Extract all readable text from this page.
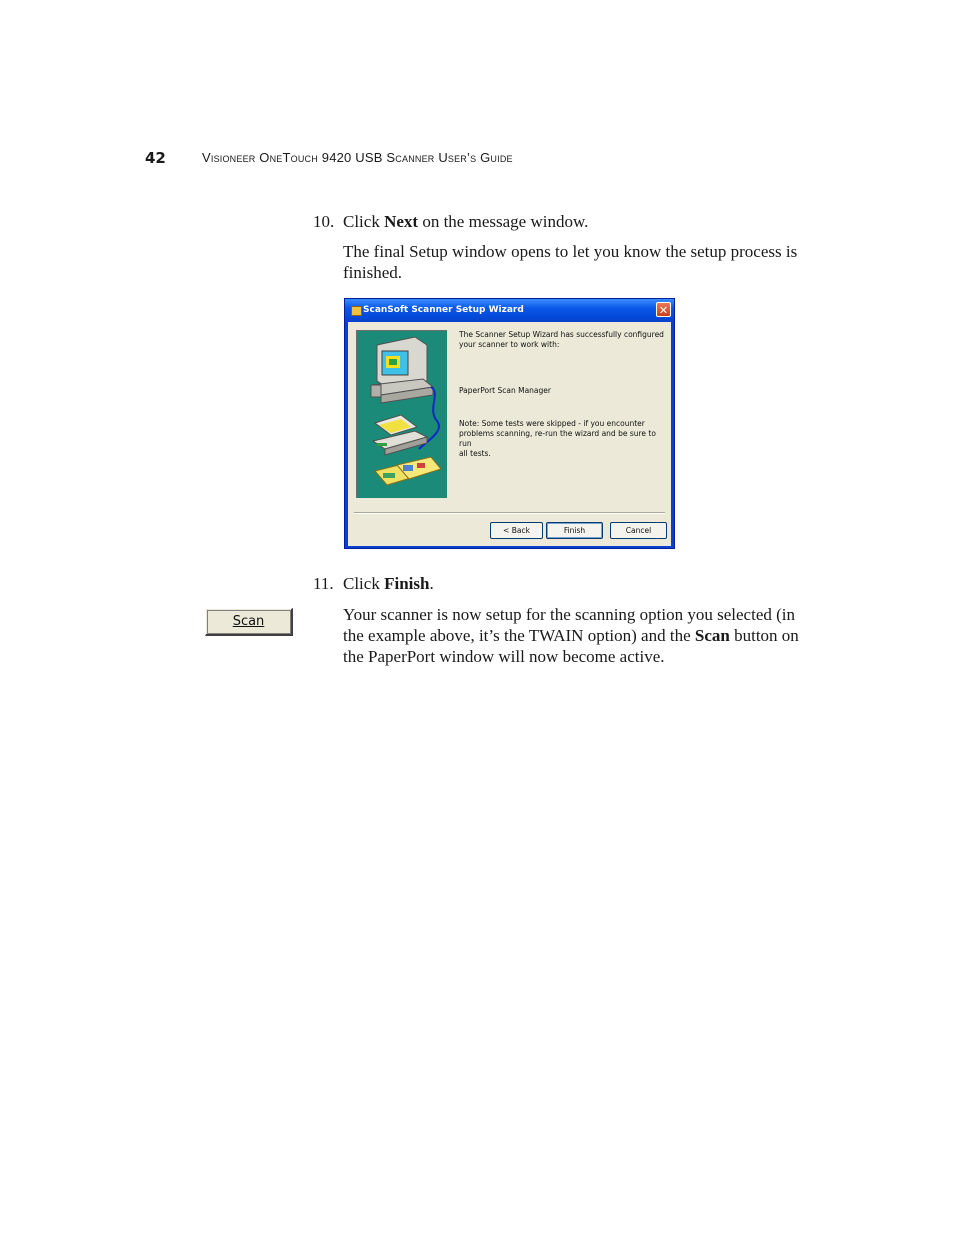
42	Visioneer OneTouch 9420 USB Scanner User’s Guide
10. Click Next on the message window.
The final Setup window opens to let you know the setup process is
finished.
ScanSoft Scanner Setup Wizard	✕
The Scanner Setup Wizard has successfully configured
your scanner to work with:
PaperPort Scan Manager
Note: Some tests were skipped - if you encounter
problems scanning, re-run the wizard and be sure to run
all tests.
< Back	Finish	Cancel
11. Click Finish.
Scan	Your scanner is now setup for the scanning option you selected (in
the example above, it’s the TWAIN option) and the Scan button on
the PaperPort window will now become active.
